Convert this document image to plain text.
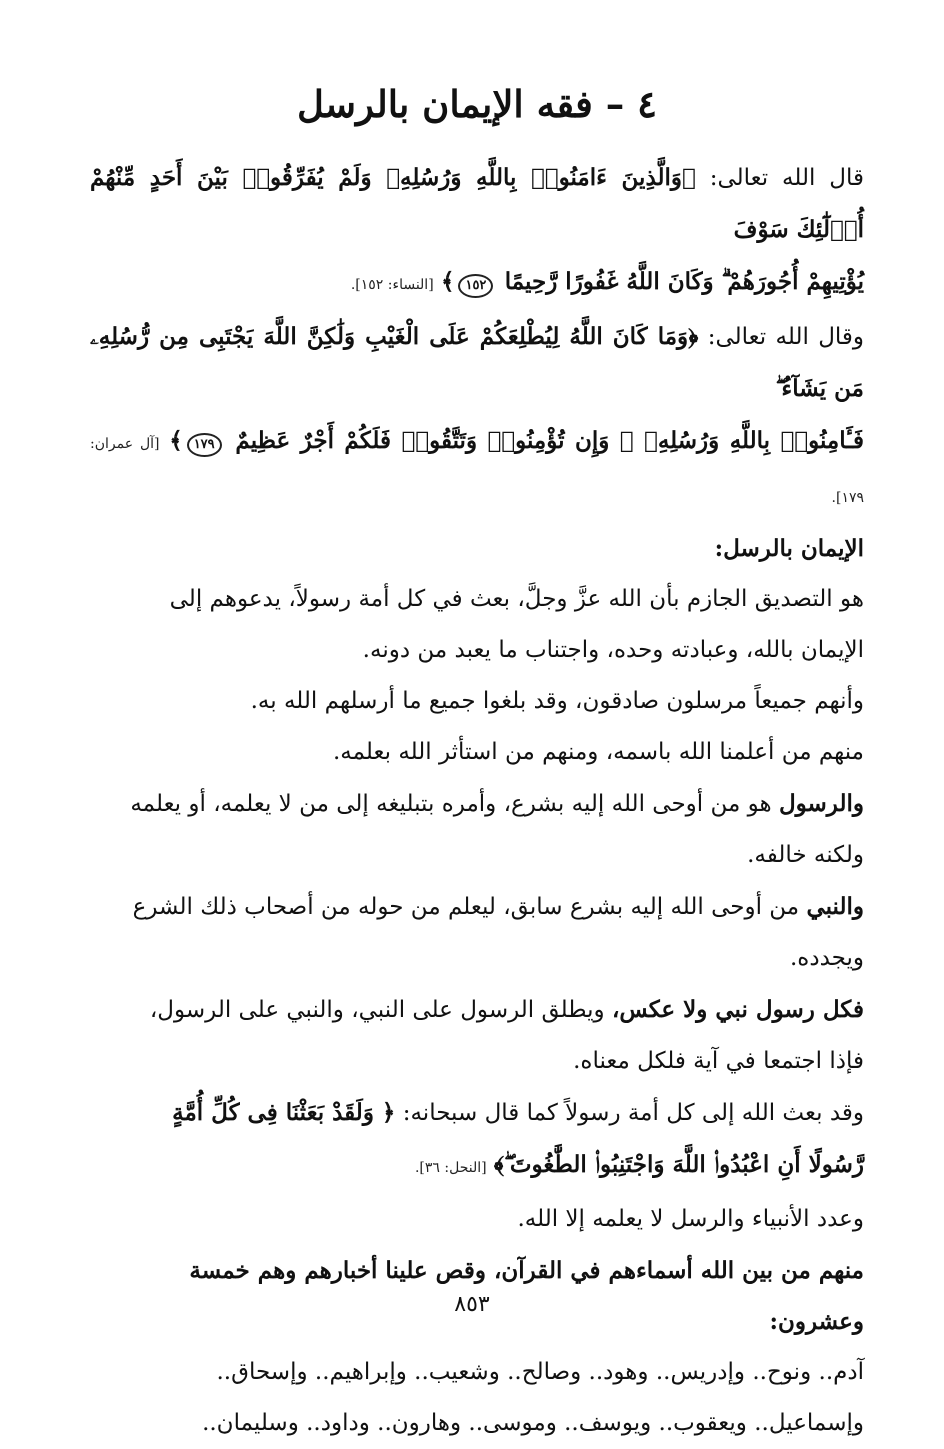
٤ – فقه الإيمان بالرسل

قال الله تعالى: ﴿وَالَّذِينَ ءَامَنُوا۟ بِاللَّهِ وَرُسُلِهِۦ وَلَمْ يُفَرِّقُوا۟ بَيْنَ أَحَدٍ مِّنْهُمْ أُو۟لَٰٓئِكَ سَوْفَ

يُؤْتِيهِمْ أُجُورَهُمْ ۗ وَكَانَ اللَّهُ غَفُورًا رَّحِيمًا ١٥٢﴾ [النساء: ١٥٢].

وقال الله تعالى: ﴿وَمَا كَانَ اللَّهُ لِيُطْلِعَكُمْ عَلَى الْغَيْبِ وَلَٰكِنَّ اللَّهَ يَجْتَبِى مِن رُّسُلِهِۦ مَن يَشَآءُ ۖ

فَـَٔامِنُوا۟ بِاللَّهِ وَرُسُلِهِۦ ۚ وَإِن تُؤْمِنُوا۟ وَتَتَّقُوا۟ فَلَكُمْ أَجْرٌ عَظِيمٌ ١٧٩﴾ [آل عمران: ١٧٩].

الإيمان بالرسل:

هو التصديق الجازم بأن الله عزَّ وجلَّ، بعث في كل أمة رسولاً، يدعوهم إلى

الإيمان بالله، وعبادته وحده، واجتناب ما يعبد من دونه.

وأنهم جميعاً مرسلون صادقون، وقد بلغوا جميع ما أرسلهم الله به.

منهم من أعلمنا الله باسمه، ومنهم من استأثر الله بعلمه.

والرسول هو من أوحى الله إليه بشرع، وأمره بتبليغه إلى من لا يعلمه، أو يعلمه

ولكنه خالفه.

والنبي من أوحى الله إليه بشرع سابق، ليعلم من حوله من أصحاب ذلك الشرع

ويجدده.

فكل رسول نبي ولا عكس، ويطلق الرسول على النبي، والنبي على الرسول،

فإذا اجتمعا في آية فلكل معناه.

وقد بعث الله إلى كل أمة رسولاً كما قال سبحانه: ﴿ وَلَقَدْ بَعَثْنَا فِى كُلِّ أُمَّةٍ

رَّسُولًا أَنِ اعْبُدُوا۟ اللَّهَ وَاجْتَنِبُوا۟ الطَّٰغُوتَ ۖ﴾ [النحل: ٣٦].

وعدد الأنبياء والرسل لا يعلمه إلا الله.

منهم من بين الله أسماءهم في القرآن، وقص علينا أخبارهم وهم خمسة

وعشرون:

آدم.. ونوح.. وإدريس.. وهود.. وصالح.. وشعيب.. وإبراهيم.. وإسحاق..

وإسماعيل.. ويعقوب.. ويوسف.. وموسى.. وهارون.. وداود.. وسليمان..

٨٥٣
